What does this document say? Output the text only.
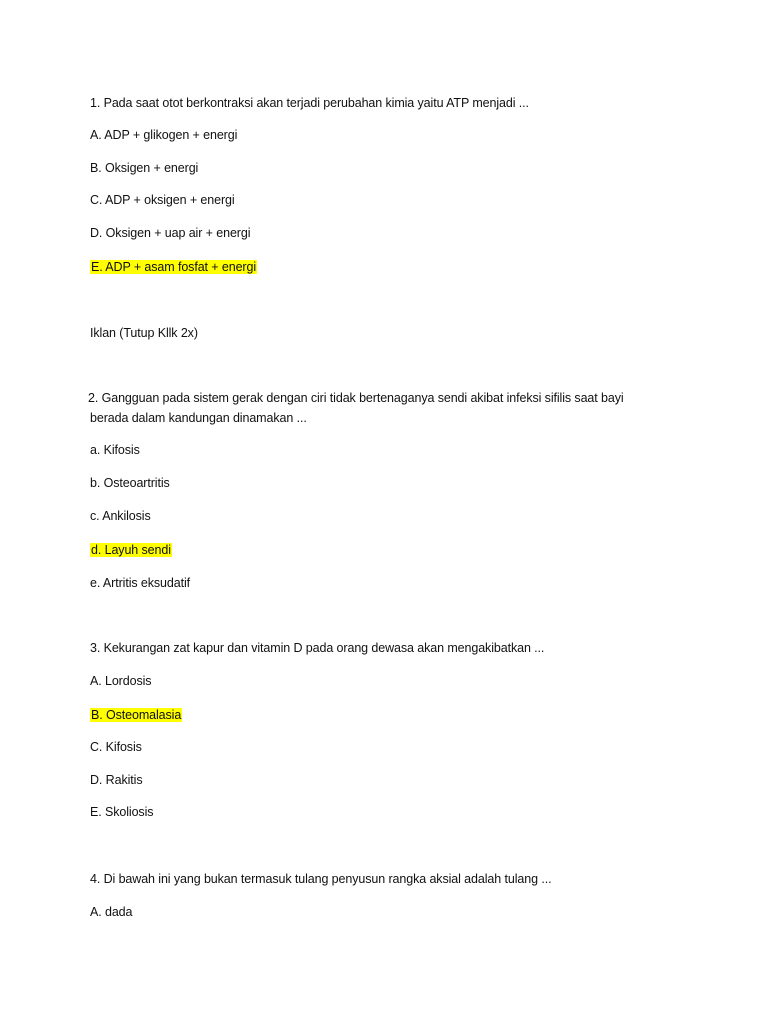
1. Pada saat otot berkontraksi akan terjadi perubahan kimia yaitu ATP menjadi ...
A. ADP + glikogen + energi
B. Oksigen + energi
C. ADP + oksigen + energi
D. Oksigen + uap air + energi
E. ADP + asam fosfat + energi
Iklan (Tutup Kllk 2x)
2. Gangguan pada sistem gerak dengan ciri tidak bertenaganya sendi akibat infeksi sifilis saat bayi
berada dalam kandungan dinamakan ...
a. Kifosis
b. Osteoartritis
c. Ankilosis
d. Layuh sendi
e. Artritis eksudatif
3. Kekurangan zat kapur dan vitamin D pada orang dewasa akan mengakibatkan ...
A. Lordosis
B. Osteomalasia
C. Kifosis
D. Rakitis
E. Skoliosis
4. Di bawah ini yang bukan termasuk tulang penyusun rangka aksial adalah tulang ...
A. dada
